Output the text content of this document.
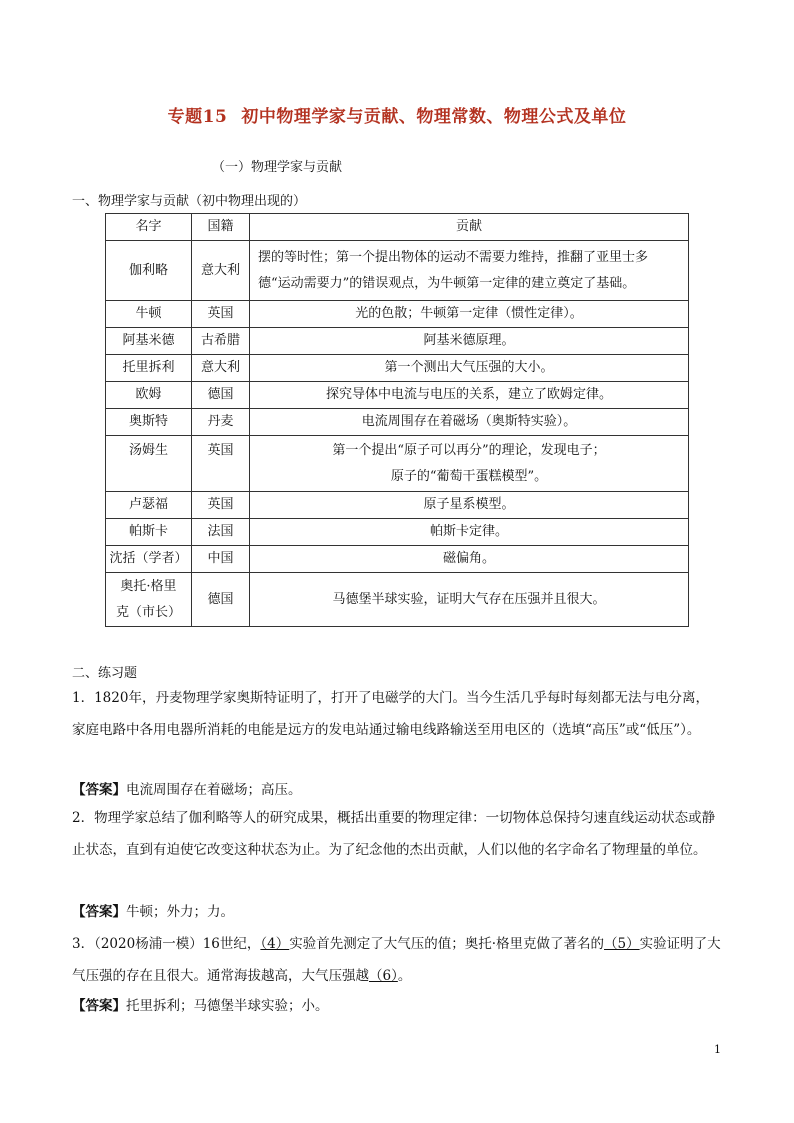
专题15 初中物理学家与贡献、物理常数、物理公式及单位
（一）物理学家与贡献
一、物理学家与贡献（初中物理出现的）
名字	国籍	贡献
伽利略	意大利	摆的等时性；第一个提出物体的运动不需要力维持，推翻了亚里士多
德“运动需要力”的错误观点，为牛顿第一定律的建立奠定了基础。

牛顿	英国	光的色散；牛顿第一定律（惯性定律）。
阿基米德	古希腊	阿基米德原理。
托里拆利	意大利	第一个测出大气压强的大小。
欧姆	德国	探究导体中电流与电压的关系，建立了欧姆定律。
奥斯特	丹麦	电流周围存在着磁场（奥斯特实验）。
汤姆生	英国	第一个提出“原子可以再分”的理论，发现电子；
原子的“葡萄干蛋糕模型”。

卢瑟福	英国	原子星系模型。
帕斯卡	法国	帕斯卡定律。
沈括（学者）	中国	磁偏角。

奥托·格里
克（市长）	德国	马德堡半球实验，证明大气存在压强并且很大。
二、练习题
1．1820年，丹麦物理学家奥斯特证明了，打开了电磁学的大门。当今生活几乎每时每刻都无法与电分离，家庭电路中各用电器所消耗的电能是远方的发电站通过输电线路输送至用电区的（选填“高压”或“低压”）。
【答案】电流周围存在着磁场；高压。
2．物理学家总结了伽利略等人的研究成果，概括出重要的物理定律：一切物体总保持匀速直线运动状态或静止状态，直到有迫使它改变这种状态为止。为了纪念他的杰出贡献，人们以他的名字命名了物理量的单位。
【答案】牛顿；外力；力。
3．（2020杨浦一模）16世纪，（4）实验首先测定了大气压的值；奥托·格里克做了著名的（5）实验证明了大气压强的存在且很大。通常海拔越高，大气压强越（6）。
【答案】托里拆利；马德堡半球实验；小。
1
